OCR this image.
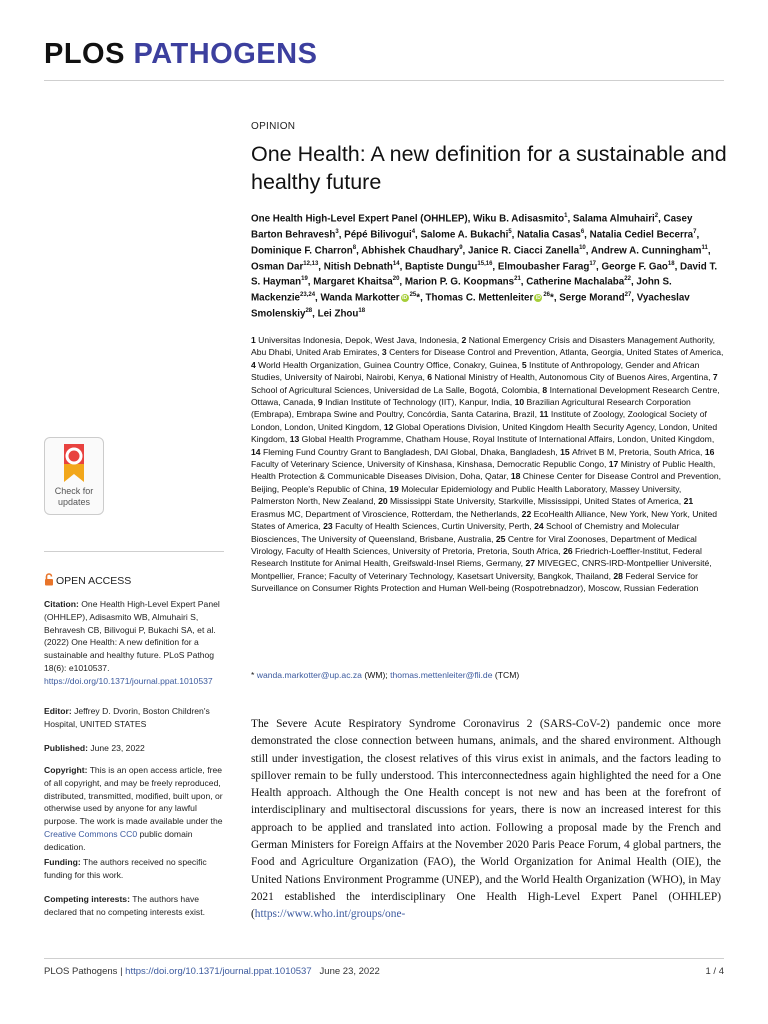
PLOS PATHOGENS
OPINION
One Health: A new definition for a sustainable and healthy future
One Health High-Level Expert Panel (OHHLEP), Wiku B. Adisasmito$^1$, Salama Almuhairi$^2$, Casey Barton Behravesh$^3$, Pépé Bilivogui$^4$, Salome A. Bukachi$^5$, Natalia Casas$^6$, Natalia Cediel Becerra$^7$, Dominique F. Charron$^8$, Abhishek Chaudhary$^9$, Janice R. Ciacci Zanella$^{10}$, Andrew A. Cunningham$^{11}$, Osman Dar$^{12,13}$, Nitish Debnath$^{14}$, Baptiste Dungu$^{15,16}$, Elmoubasher Farag$^{17}$, George F. Gao$^{18}$, David T. S. Hayman$^{19}$, Margaret Khaitsa$^{20}$, Marion P. G. Koopmans$^{21}$, Catherine Machalaba$^{22}$, John S. Mackenzie$^{23,24}$, Wanda Markotter iD $^{25}$*, Thomas C. Mettenleiter iD $^{26}$*, Serge Morand$^{27}$, Vyacheslav Smolenskiy$^{28}$, Lei Zhou$^{18}$
1 Universitas Indonesia, Depok, West Java, Indonesia, 2 National Emergency Crisis and Disasters Management Authority, Abu Dhabi, United Arab Emirates, 3 Centers for Disease Control and Prevention, Atlanta, Georgia, United States of America, 4 World Health Organization, Guinea Country Office, Conakry, Guinea, 5 Institute of Anthropology, Gender and African Studies, University of Nairobi, Nairobi, Kenya, 6 National Ministry of Health, Autonomous City of Buenos Aires, Argentina, 7 School of Agricultural Sciences, Universidad de La Salle, Bogotá, Colombia, 8 International Development Research Centre, Ottawa, Canada, 9 Indian Institute of Technology (IIT), Kanpur, India, 10 Brazilian Agricultural Research Corporation (Embrapa), Embrapa Swine and Poultry, Concórdia, Santa Catarina, Brazil, 11 Institute of Zoology, Zoological Society of London, London, United Kingdom, 12 Global Operations Division, United Kingdom Health Security Agency, London, United Kingdom, 13 Global Health Programme, Chatham House, Royal Institute of International Affairs, London, United Kingdom, 14 Fleming Fund Country Grant to Bangladesh, DAI Global, Dhaka, Bangladesh, 15 Afrivet B M, Pretoria, South Africa, 16 Faculty of Veterinary Science, University of Kinshasa, Kinshasa, Democratic Republic Congo, 17 Ministry of Public Health, Health Protection & Communicable Diseases Division, Doha, Qatar, 18 Chinese Center for Disease Control and Prevention, Beijing, People's Republic of China, 19 Molecular Epidemiology and Public Health Laboratory, Massey University, Palmerston North, New Zealand, 20 Mississippi State University, Starkville, Mississippi, United States of America, 21 Erasmus MC, Department of Viroscience, Rotterdam, the Netherlands, 22 EcoHealth Alliance, New York, New York, United States of America, 23 Faculty of Health Sciences, Curtin University, Perth, 24 School of Chemistry and Molecular Biosciences, The University of Queensland, Brisbane, Australia, 25 Centre for Viral Zoonoses, Department of Medical Virology, Faculty of Health Sciences, University of Pretoria, Pretoria, South Africa, 26 Friedrich-Loeffler-Institut, Federal Research Institute for Animal Health, Greifswald-Insel Riems, Germany, 27 MIVEGEC, CNRS-IRD-Montpellier Université, Montpellier, France; Faculty of Veterinary Technology, Kasetsart University, Bangkok, Thailand, 28 Federal Service for Surveillance on Consumer Rights Protection and Human Well-being (Rospotrebnadzor), Moscow, Russian Federation
* wanda.markotter@up.ac.za (WM); thomas.mettenleiter@fli.de (TCM)
The Severe Acute Respiratory Syndrome Coronavirus 2 (SARS-CoV-2) pandemic once more demonstrated the close connection between humans, animals, and the shared environment. Although still under investigation, the closest relatives of this virus exist in animals, and the factors leading to spillover remain to be fully understood. This interconnectedness again highlighted the need for a One Health approach. Although the One Health concept is not new and has been at the forefront of interdisciplinary and multisectoral discussions for years, there is now an increased interest for this approach to be applied and translated into action. Following a proposal made by the French and German Ministers for Foreign Affairs at the November 2020 Paris Peace Forum, 4 global partners, the Food and Agriculture Organization (FAO), the World Organization for Animal Health (OIE), the United Nations Environment Programme (UNEP), and the World Health Organization (WHO), in May 2021 established the interdisciplinary One Health High-Level Expert Panel (OHHLEP) (https://www.who.int/groups/one-
Check for
updates
OPEN ACCESS
Citation: One Health High-Level Expert Panel (OHHLEP), Adisasmito WB, Almuhairi S, Behravesh CB, Bilivogui P, Bukachi SA, et al. (2022) One Health: A new definition for a sustainable and healthy future. PLoS Pathog 18(6): e1010537. https://doi.org/10.1371/journal.ppat.1010537
Editor: Jeffrey D. Dvorin, Boston Children's Hospital, UNITED STATES
Published: June 23, 2022
Copyright: This is an open access article, free of all copyright, and may be freely reproduced, distributed, transmitted, modified, built upon, or otherwise used by anyone for any lawful purpose. The work is made available under the Creative Commons CC0 public domain dedication.
Funding: The authors received no specific funding for this work.
Competing interests: The authors have declared that no competing interests exist.
PLOS Pathogens | https://doi.org/10.1371/journal.ppat.1010537 June 23, 2022	1 / 4
